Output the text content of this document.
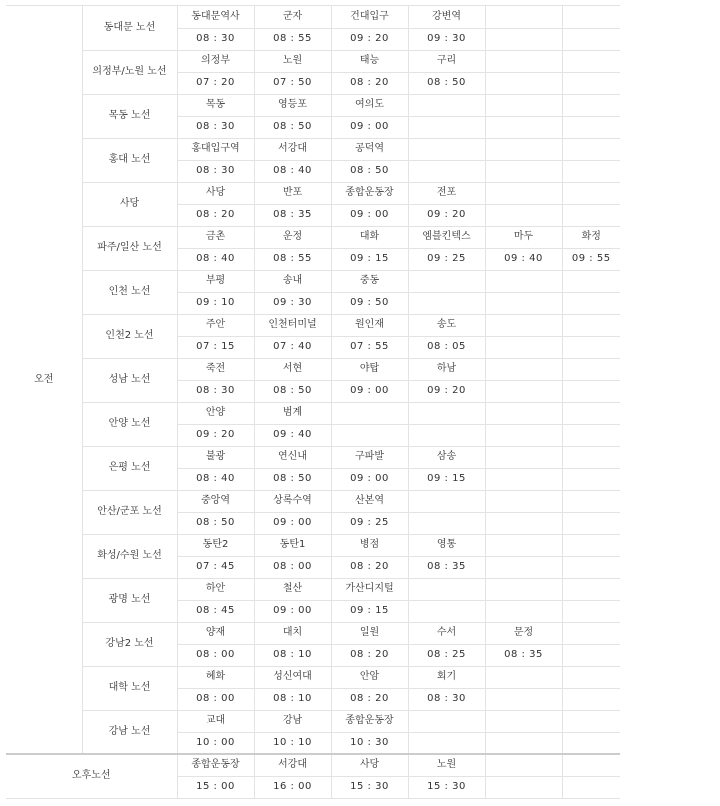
오전	동대문 노선	동대문역사	군자	건대입구	강변역		
		08 : 30	08 : 55	09 : 20	09 : 30		
	의정부/노원 노선	의정부	노원	태능	구리		
		07 : 20	07 : 50	08 : 20	08 : 50		
	목동 노선	목동	영등포	여의도			
		08 : 30	08 : 50	09 : 00			
	홍대 노선	홍대입구역	서강대	공덕역			
		08 : 30	08 : 40	08 : 50			
	사당	사당	반포	종합운동장	전포		
		08 : 20	08 : 35	09 : 00	09 : 20		
	파주/일산 노선	금촌	운정	대화	엠블킨텍스	마두	화정
		08 : 40	08 : 55	09 : 15	09 : 25	09 : 40	09 : 55
	인천 노선	부평	송내	중동			
		09 : 10	09 : 30	09 : 50			
	인천2 노선	주안	인천터미널	원인재	송도		
		07 : 15	07 : 40	07 : 55	08 : 05		
	성남 노선	죽전	서현	야탑	하남		
		08 : 30	08 : 50	09 : 00	09 : 20		
	안양 노선	안양	범계				
		09 : 20	09 : 40				
	은평 노선	불광	연신내	구파발	삼송		
		08 : 40	08 : 50	09 : 00	09 : 15		
	안산/군포 노선	중앙역	상록수역	산본역			
		08 : 50	09 : 00	09 : 25			
	화성/수원 노선	동탄2	동탄1	병점	영통		
		07 : 45	08 : 00	08 : 20	08 : 35		
	광명 노선	하안	철산	가산디지털			
		08 : 45	09 : 00	09 : 15			
	강남2 노선	양재	대치	일원	수서	문정	
		08 : 00	08 : 10	08 : 20	08 : 25	08 : 35	
	대학 노선	혜화	성신여대	안암	회기		
		08 : 00	08 : 10	08 : 20	08 : 30		
	강남 노선	교대	강남	종합운동장			
		10 : 00	10 : 10	10 : 30			
오후노선		종합운동장	서강대	사당	노원		
		15 : 00	16 : 00	15 : 30	15 : 30		
